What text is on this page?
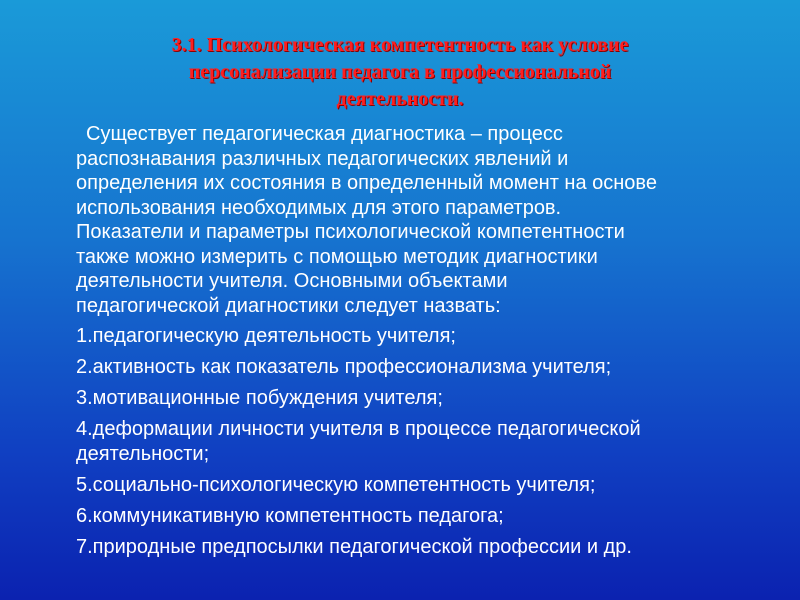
3.1. Психологическая компетентность как условие
персонализации педагога в профессиональной
деятельности.
Существует педагогическая диагностика – процесс
распознавания различных педагогических явлений и
определения их состояния в определенный момент на основе
использования необходимых для этого параметров.
Показатели и параметры психологической компетентности
также можно измерить с помощью методик диагностики
деятельности учителя. Основными объектами
педагогической диагностики следует назвать:
1.педагогическую деятельность учителя;
2.активность как показатель профессионализма учителя;
3.мотивационные побуждения учителя;
4.деформации личности учителя в процессе педагогической
деятельности;
5.социально-психологическую компетентность учителя;
6.коммуникативную компетентность педагога;
7.природные предпосылки педагогической профессии и др.
